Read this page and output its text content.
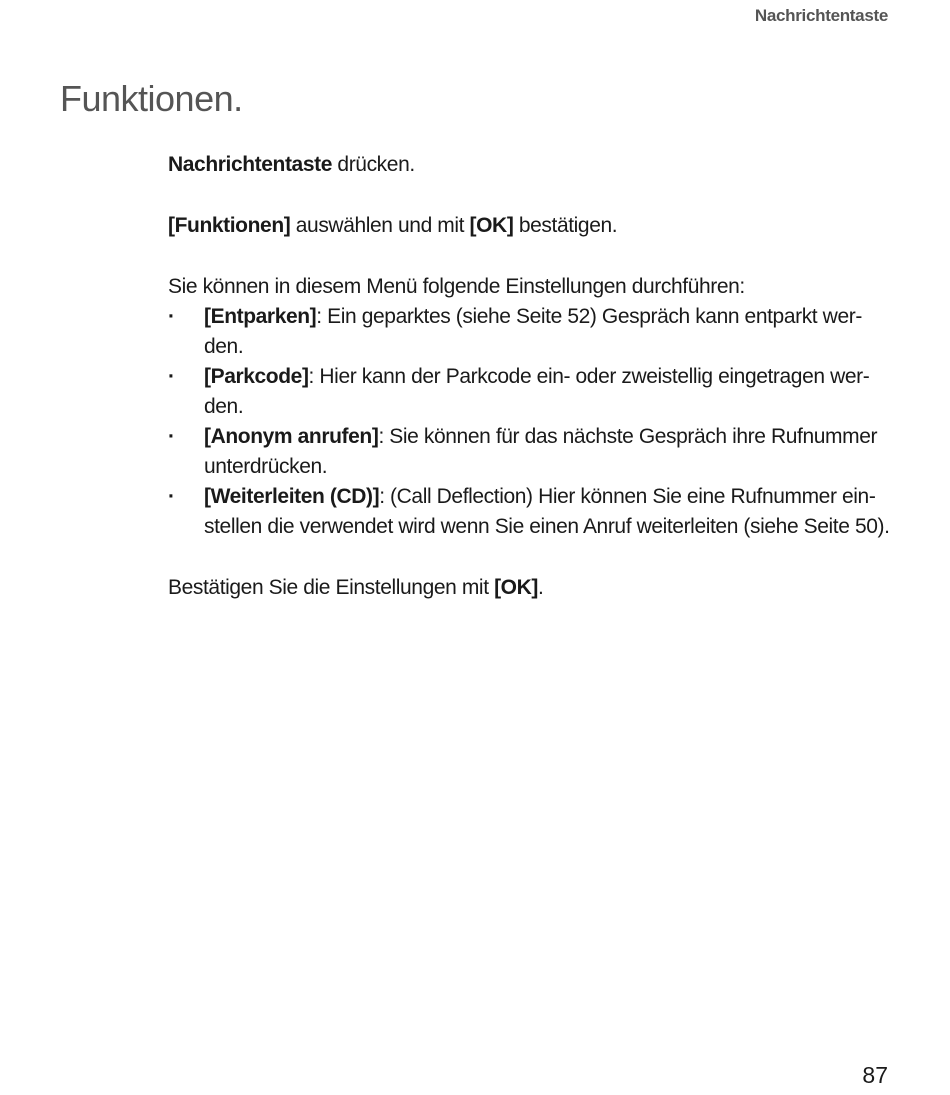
Nachrichtentaste
Funktionen.

Nachrichtentaste drücken.

[Funktionen] auswählen und mit [OK] bestätigen.

Sie können in diesem Menü folgende Einstellungen durchführen:

· [Entparken]: Ein geparktes (siehe Seite 52) Gespräch kann entparkt wer-den.
· [Parkcode]: Hier kann der Parkcode ein- oder zweistellig eingetragen wer-den.
· [Anonym anrufen]: Sie können für das nächste Gespräch ihre Rufnummer unterdrücken.
· [Weiterleiten (CD)]: (Call Deflection) Hier können Sie eine Rufnummer ein-stellen die verwendet wird wenn Sie einen Anruf weiterleiten (siehe Seite 50).

Bestätigen Sie die Einstellungen mit [OK].

87
